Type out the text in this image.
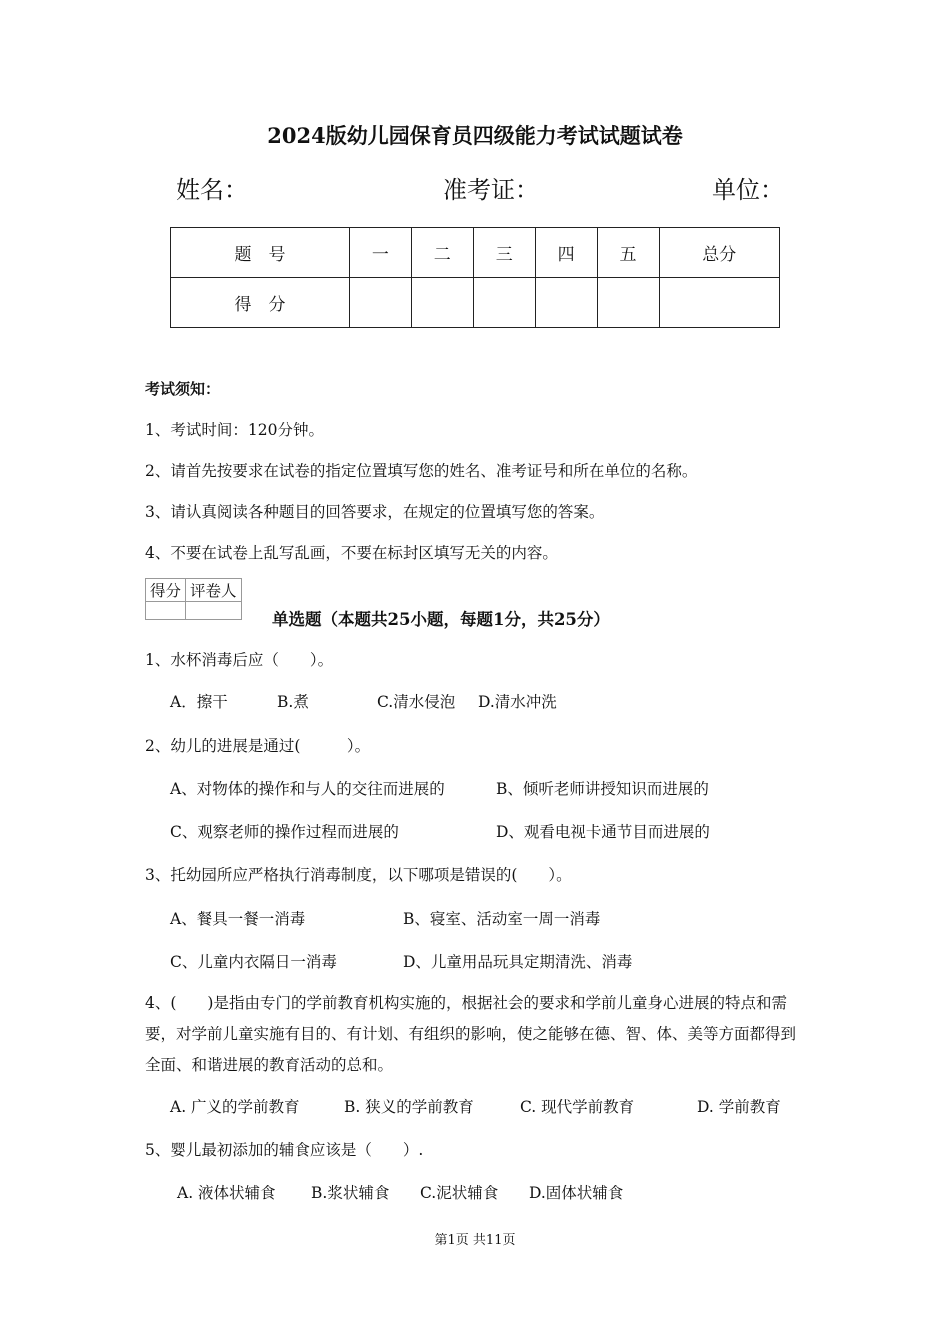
2024版幼儿园保育员四级能力考试试题试卷
姓名：	准考证：	单位：
题　号	一	二	三	四	五	总分
得　分						
考试须知：
1、考试时间：120分钟。
2、请首先按要求在试卷的指定位置填写您的姓名、准考证号和所在单位的名称。
3、请认真阅读各种题目的回答要求，在规定的位置填写您的答案。
4、不要在试卷上乱写乱画，不要在标封区填写无关的内容。
得分	评卷人

单选题（本题共25小题，每题1分，共25分）
1、水杯消毒后应（　　）。
A．擦干	B.煮	C.清水侵泡 D.清水冲洗
2、幼儿的进展是通过(　　　）。
A、对物体的操作和与人的交往而进展的	B、倾听老师讲授知识而进展的
C、观察老师的操作过程而进展的	D、观看电视卡通节目而进展的
3、托幼园所应严格执行消毒制度，以下哪项是错误的(　　）。
A、餐具一餐一消毒	B、寝室、活动室一周一消毒
C、儿童内衣隔日一消毒	D、儿童用品玩具定期清洗、消毒
4、(　　)是指由专门的学前教育机构实施的，根据社会的要求和学前儿童身心进展的特点和需要，对学前儿童实施有目的、有计划、有组织的影响，使之能够在德、智、体、美等方面都得到全面、和谐进展的教育活动的总和。
A. 广义的学前教育	B. 狭义的学前教育	C. 现代学前教育	D. 学前教育
5、婴儿最初添加的辅食应该是（　　）.
A. 液体状辅食 B.浆状辅食 C.泥状辅食 D.固体状辅食
第1页 共11页
